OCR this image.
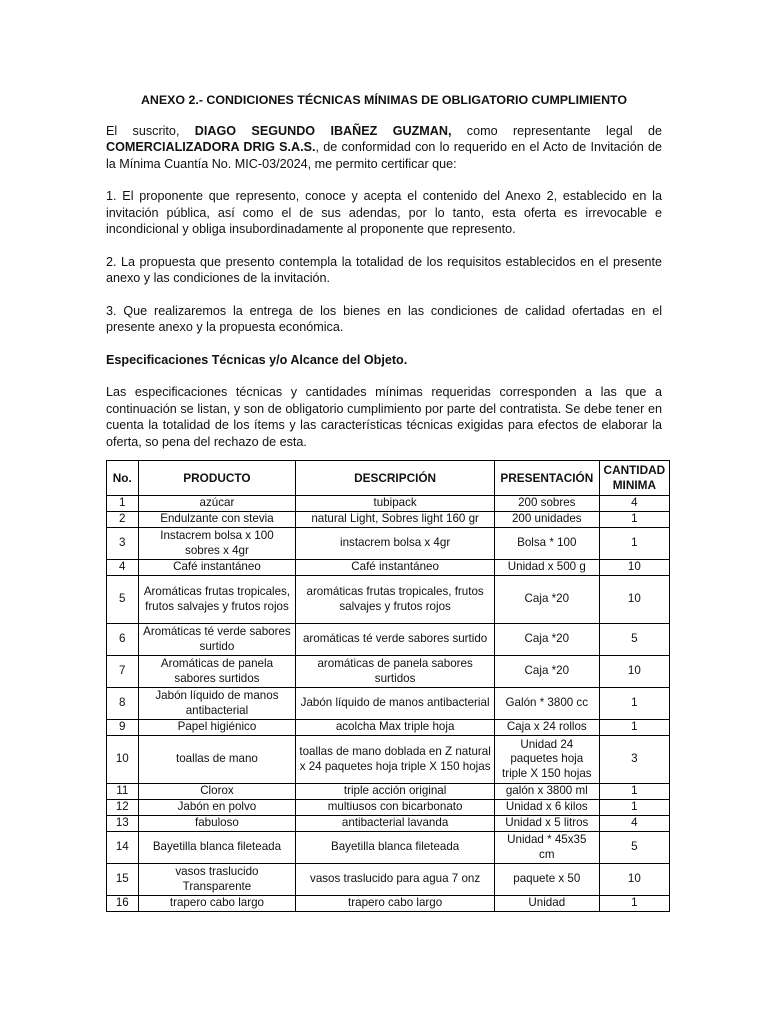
ANEXO 2.- CONDICIONES TÉCNICAS MÍNIMAS DE OBLIGATORIO CUMPLIMIENTO

El suscrito, DIAGO SEGUNDO IBAÑEZ GUZMAN, como representante legal de COMERCIALIZADORA DRIG S.A.S., de conformidad con lo requerido en el Acto de Invitación de la Mínima Cuantía No. MIC-03/2024, me permito certificar que:

1. El proponente que represento, conoce y acepta el contenido del Anexo 2, establecido en la invitación pública, así como el de sus adendas, por lo tanto, esta oferta es irrevocable e incondicional y obliga insubordinadamente al proponente que represento.

2. La propuesta que presento contempla la totalidad de los requisitos establecidos en el presente anexo y las condiciones de la invitación.

3. Que realizaremos la entrega de los bienes en las condiciones de calidad ofertadas en el presente anexo y la propuesta económica.

Especificaciones Técnicas y/o Alcance del Objeto.

Las especificaciones técnicas y cantidades mínimas requeridas corresponden a las que a continuación se listan, y son de obligatorio cumplimiento por parte del contratista. Se debe tener en cuenta la totalidad de los ítems y las características técnicas exigidas para efectos de elaborar la oferta, so pena del rechazo de esta.

No.	PRODUCTO	DESCRIPCIÓN	PRESENTACIÓN	CANTIDAD MINIMA
1	azúcar	tubipack	200 sobres	4
2	Endulzante con stevia	natural Light, Sobres light 160 gr	200 unidades	1
3	Instacrem bolsa x 100 sobres x 4gr	instacrem bolsa x 4gr	Bolsa * 100	1
4	Café instantáneo	Café instantáneo	Unidad x 500 g	10
5	Aromáticas frutas tropicales, frutos salvajes y frutos rojos	aromáticas frutas tropicales, frutos salvajes y frutos rojos	Caja *20	10
6	Aromáticas té verde sabores surtido	aromáticas té verde sabores surtido	Caja *20	5
7	Aromáticas de panela sabores surtidos	aromáticas de panela sabores surtidos	Caja *20	10
8	Jabón líquido de manos antibacterial	Jabón líquido de manos antibacterial	Galón * 3800 cc	1
9	Papel higiénico	acolcha Max triple hoja	Caja x 24 rollos	1
10	toallas de mano	toallas de mano doblada en Z natural x 24 paquetes hoja triple X 150 hojas	Unidad 24 paquetes hoja triple X 150 hojas	3
11	Clorox	triple acción original	galón x 3800 ml	1
12	Jabón en polvo	multiusos con bicarbonato	Unidad x 6 kilos	1
13	fabuloso	antibacterial lavanda	Unidad x 5 litros	4
14	Bayetilla blanca fileteada	Bayetilla blanca fileteada	Unidad * 45x35 cm	5
15	vasos traslucido Transparente	vasos traslucido para agua 7 onz	paquete x 50	10
16	trapero cabo largo	trapero cabo largo	Unidad	1
